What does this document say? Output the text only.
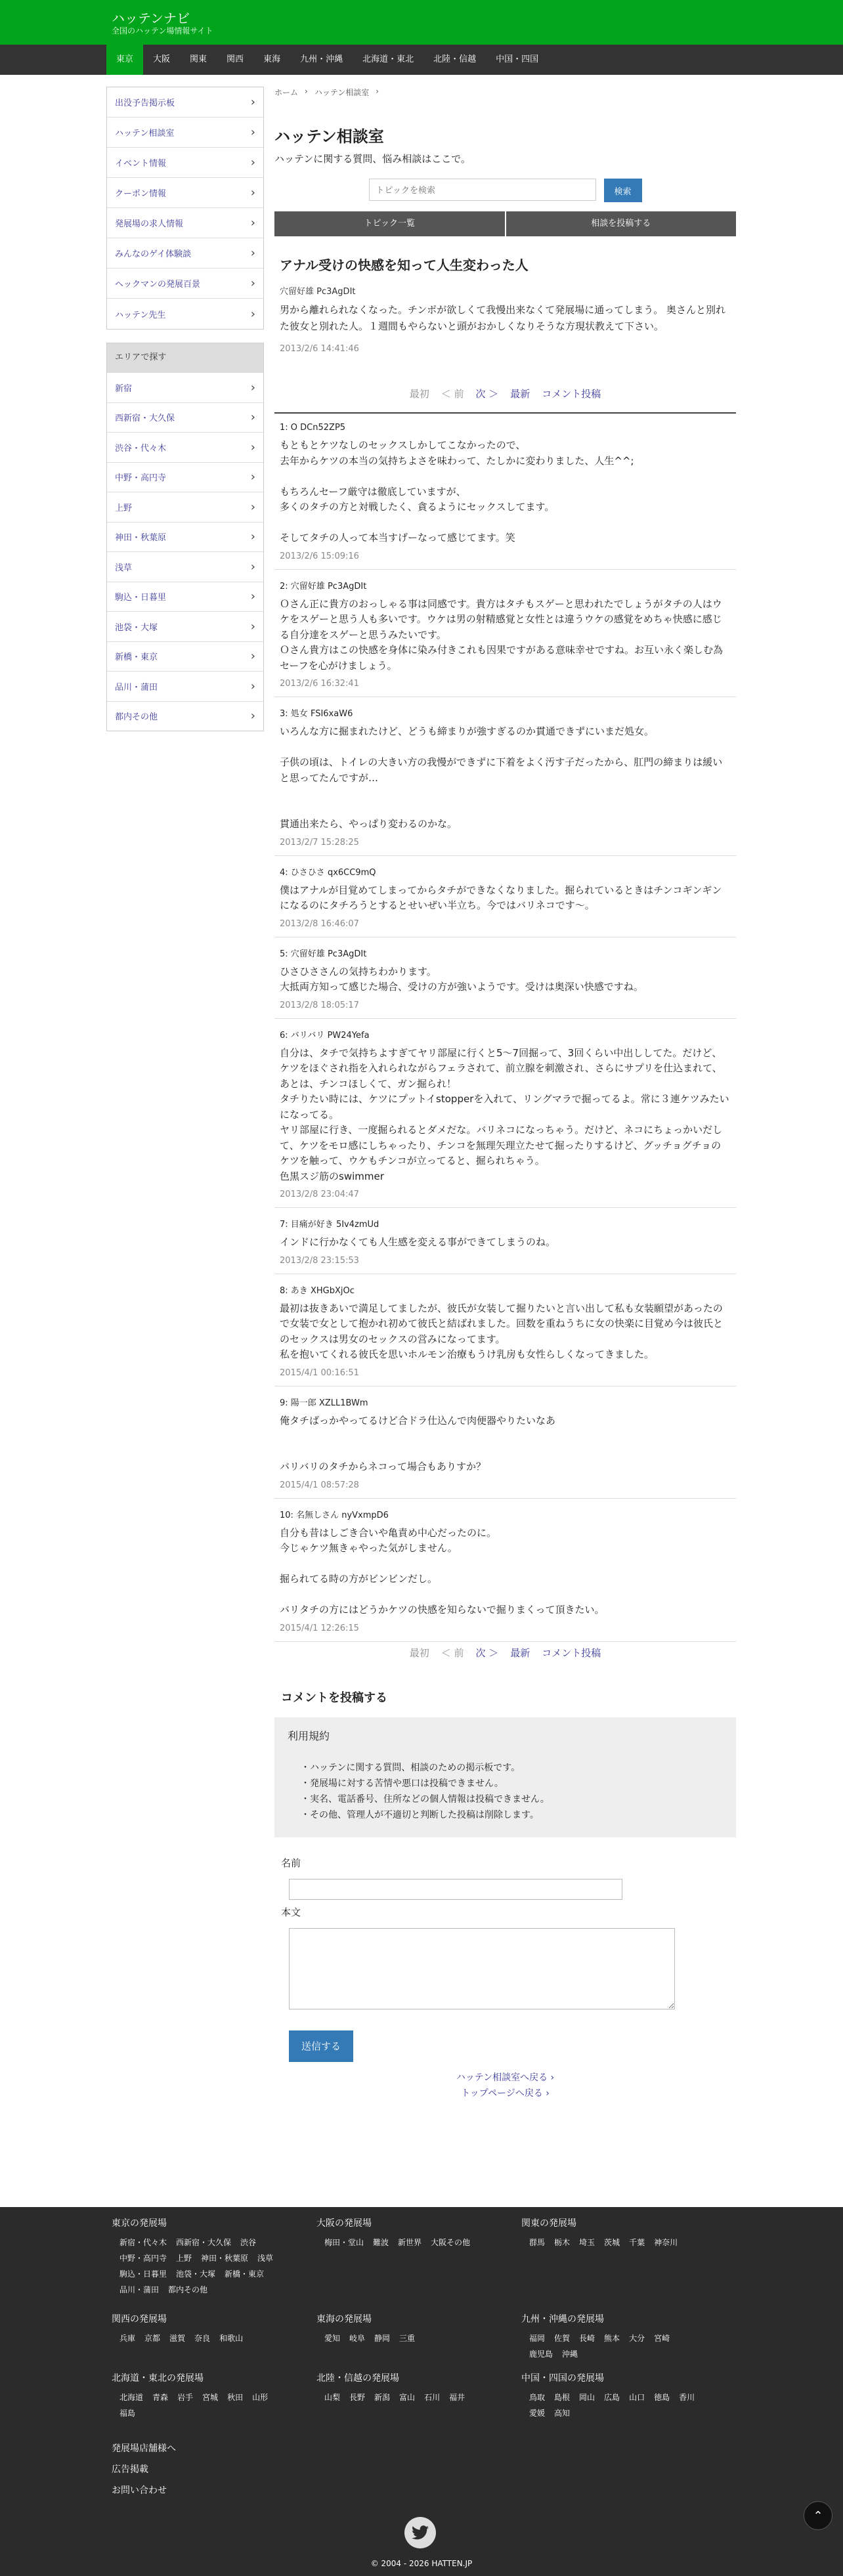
ハッテンナビ
全国のハッテン場情報サイト
東京	大阪	関東	関西	東海	九州・沖縄	北海道・東北	北陸・信越	中国・四国
出没予告掲示板	›
ハッテン相談室	›
イベント情報	›
クーポン情報	›
発展場の求人情報	›
みんなのゲイ体験談	›
ヘックマンの発展百景	›
ハッテン先生	›
エリアで探す
新宿	›
西新宿・大久保	›
渋谷・代々木	›
中野・高円寺	›
上野	›
神田・秋葉原	›
浅草	›
駒込・日暮里	›
池袋・大塚	›
新橋・東京	›
品川・蒲田	›
都内その他	›
ホーム › ハッテン相談室 ›
ハッテン相談室

ハッテンに関する質問、悩み相談はここで。

トピックを検索
検索
トピック一覧	相談を投稿する
アナル受けの快感を知って人生変わった人
穴留好雄 Pc3AgDIt

男から離れられなくなった。チンポが欲しくて我慢出来なくて発展場に通ってしまう。 奥さんと別れた彼女と別れた人。１週間もやらないと頭がおかしくなりそうな方現状教えて下さい。

2013/2/6 14:41:46
最初 ＜ 前 次 ＞ 最新 コメント投稿
1: O DCn52ZP5
もともとケツなしのセックスしかしてこなかったので、
去年からケツの本当の気持ちよさを味わって、たしかに変わりました、人生^^;

もちろんセーフ厳守は徹底していますが、
多くのタチの方と対戦したく、貪るようにセックスしてます。

そしてタチの人って本当すげーなって感じてます。笑
2013/2/6 15:09:16
2: 穴留好雄 Pc3AgDIt
Ｏさん正に貴方のおっしゃる事は同感です。貴方はタチもスゲーと思われたでしょうがタチの人はウケをスゲーと思う人も多いです。ウケは男の射精感覚と女性とは違うウケの感覚をめちゃ快感に感じる自分達をスゲーと思うみたいです。
Ｏさん貴方はこの快感を身体に染み付きこれも因果ですがある意味幸せですね。お互い永く楽しむ為セーフを心がけましょう。
2013/2/6 16:32:41
3: 処女 FSI6xaW6
いろんな方に掘まれたけど、どうも締まりが強すぎるのか貫通できずにいまだ処女。

子供の頃は、トイレの大きい方の我慢ができずに下着をよく汚す子だったから、肛門の締まりは緩いと思ってたんですが…

貫通出来たら、やっぱり変わるのかな。
2013/2/7 15:28:25
4: ひさひさ qx6CC9mQ
僕はアナルが目覚めてしまってからタチができなくなりました。掘られているときはチンコギンギンになるのにタチろうとするとせいぜい半立ち。今ではバリネコです〜。
2013/2/8 16:46:07
5: 穴留好雄 Pc3AgDIt
ひさひささんの気持ちわかります。
大抵両方知って感じた場合、受けの方が強いようです。受けは奥深い快感ですね。
2013/2/8 18:05:17
6: バリバリ PW24Yefa
自分は、タチで気持ちよすぎてヤリ部屋に行くと5〜7回掘って、3回くらい中出ししてた。だけど、ケツをほぐされ指を入れられながらフェラされて、前立腺を刺激され、さらにサプリを仕込まれて、あとは、チンコほしくて、ガン掘られ！
タチりたい時には、ケツにプットイstopperを入れて、リングマラで掘ってるよ。常に３連ケツみたいになってる。
ヤリ部屋に行き、一度掘られるとダメだな。バリネコになっちゃう。だけど、ネコにちょっかいだして、ケツをモロ感にしちゃったり、チンコを無理矢理立たせて掘ったりするけど、グッチョグチョのケツを触って、ウケもチンコが立ってると、掘られちゃう。
色黒スジ筋のswimmer
2013/2/8 23:04:47
7: 目痛が好き 5Iv4zmUd
インドに行かなくても人生感を変える事ができてしまうのね。
2013/2/8 23:15:53
8: あき XHGbXjOc
最初は抜きあいで満足してましたが、彼氏が女装して掘りたいと言い出して私も女装願望があったので女装で女として抱かれ初めて彼氏と結ばれました。回数を重ねうちに女の快楽に目覚め今は彼氏とのセックスは男女のセックスの営みになってます。
私を抱いてくれる彼氏を思いホルモン治療もうけ乳房も女性らしくなってきました。
2015/4/1 00:16:51
9: 陽一郎 XZLL1BWm
俺タチばっかやってるけど合ドラ仕込んで肉便器やりたいなあ

バリバリのタチからネコって場合もありすか？
2015/4/1 08:57:28
10: 名無しさん nyVxmpD6
自分も昔はしごき合いや亀責め中心だったのに。
今じゃケツ無きゃやった気がしません。

掘られてる時の方がビンビンだし。

バリタチの方にはどうかケツの快感を知らないで掘りまくって頂きたい。
2015/4/1 12:26:15
最初 ＜ 前 次 ＞ 最新 コメント投稿
コメントを投稿する
利用規約
・ハッテンに関する質問、相談のための掲示板です。
・発展場に対する苦情や悪口は投稿できません。
・実名、電話番号、住所などの個人情報は投稿できません。
・その他、管理人が不適切と判断した投稿は削除します。
名前
本文
送信する
ハッテン相談室へ戻る ›
トップページへ戻る ›
東京の発展場
新宿・代々木 西新宿・大久保 渋谷
中野・高円寺 上野 神田・秋葉原 浅草
駒込・日暮里 池袋・大塚 新橋・東京
品川・蒲田 都内その他
大阪の発展場
梅田・堂山 難波 新世界 大阪その他
関東の発展場
群馬 栃木 埼玉 茨城 千葉 神奈川
関西の発展場
兵庫 京都 滋賀 奈良 和歌山
東海の発展場
愛知 岐阜 静岡 三重
九州・沖縄の発展場
福岡 佐賀 長崎 熊本 大分 宮崎
鹿児島 沖縄
北海道・東北の発展場
北海道 青森 岩手 宮城 秋田 山形
福島
北陸・信越の発展場
山梨 長野 新潟 富山 石川 福井
中国・四国の発展場
鳥取 島根 岡山 広島 山口 徳島 香川
愛媛 高知
発展場店舗様へ
広告掲載
お問い合わせ
© 2004 - 2026 HATTEN.JP
⌃
